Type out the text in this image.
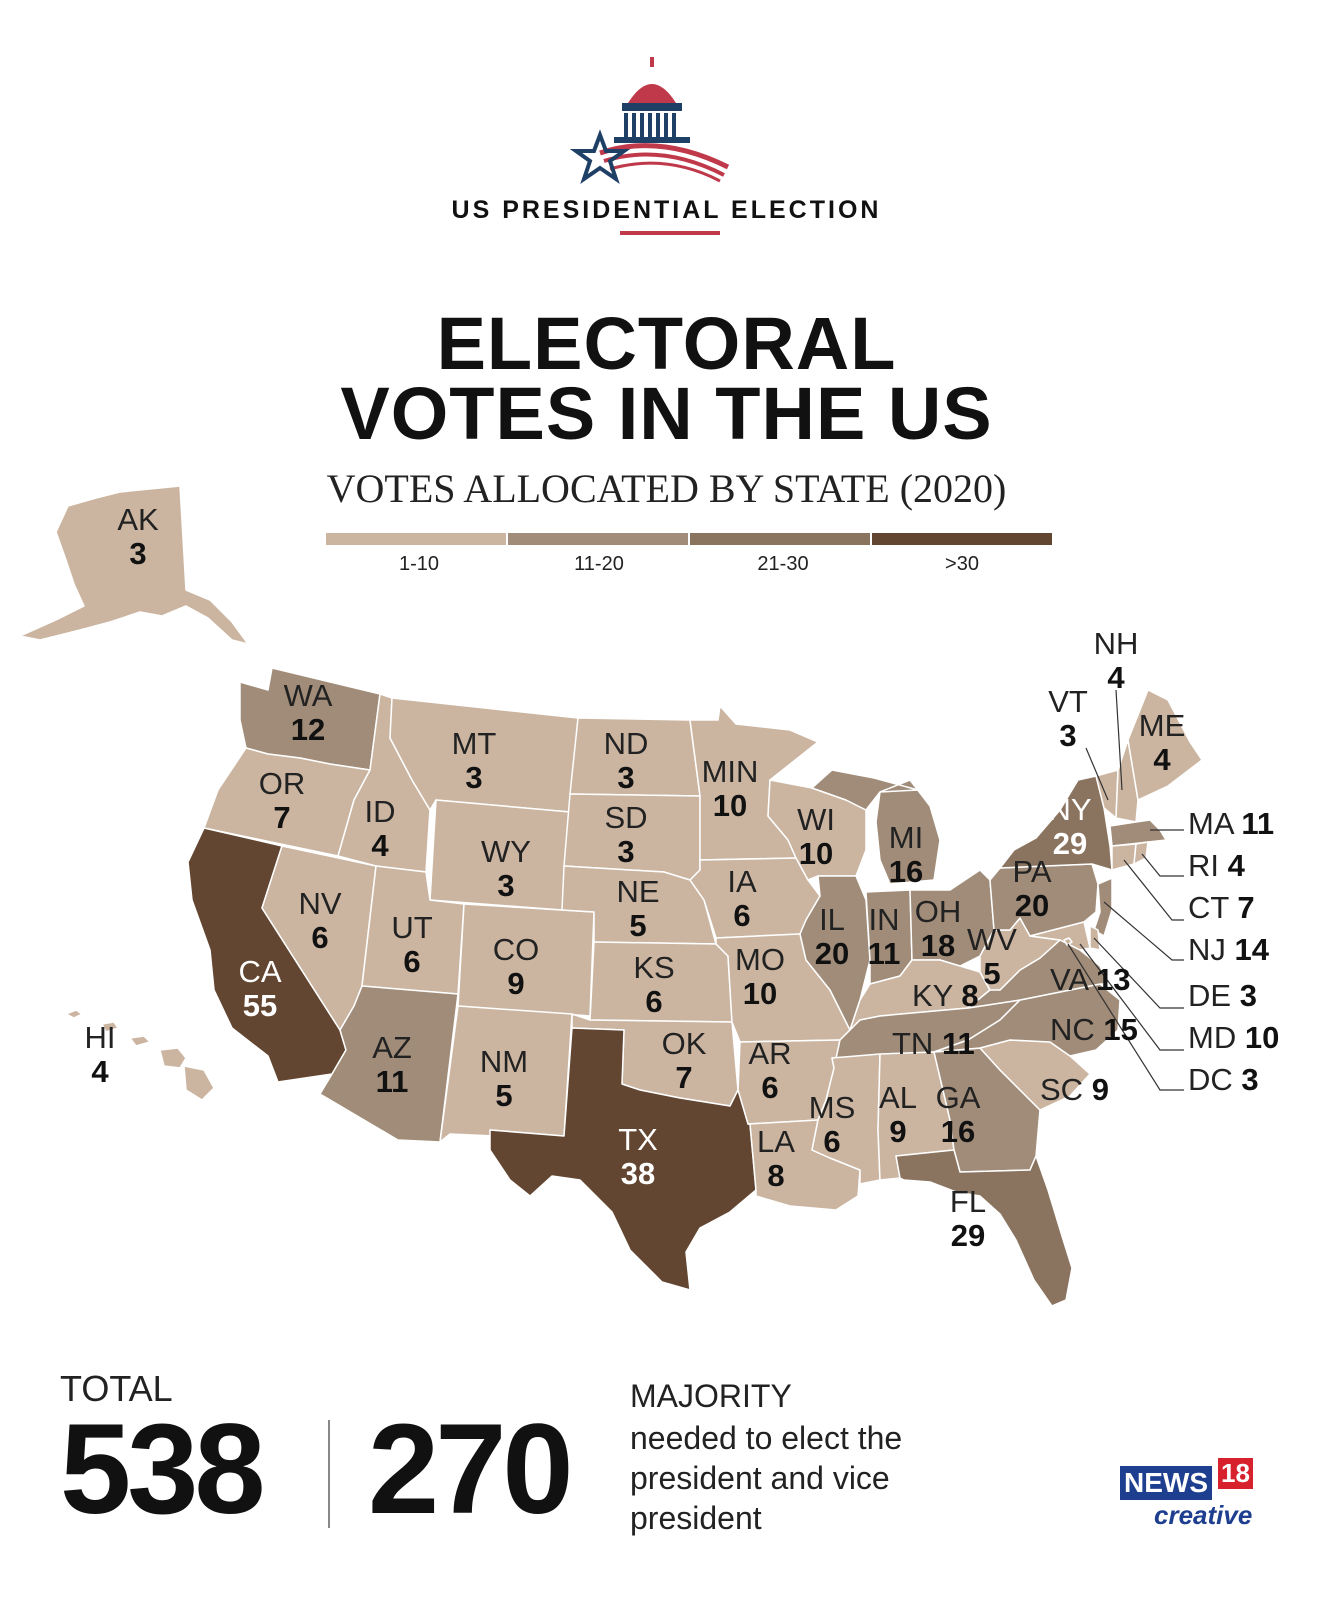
US PRESIDENTIAL ELECTION
ELECTORAL
VOTES IN THE US
VOTES ALLOCATED BY STATE (2020)
1-10	11-20	21-30	>30
AK
3
HI
4
WA
12
OR
7
CA
55
ID
4
NV
6
MT
3
WY
3
UT
6
AZ
11
CO
9
NM
5
ND
3
SD
3
NE
5
KS
6
OK
7
TX
38
MIN
10
IA
6
MO
10
AR
6
LA
8
WI
10
IL
20
MI
16
IN
11
OH
18 WV
5
PA
20
NY
29
VT
3
NH
4
ME
4
KY 8
TN 11 NC 15
VA 13
SC 9
MS
6
AL
9
GA
16
FL
29
MA 11
RI 4
CT 7
NJ 14
DE 3
MD 10
DC 3
TOTAL
538 270
MAJORITY
needed to elect the president and vice president
NEWS 18
creative
